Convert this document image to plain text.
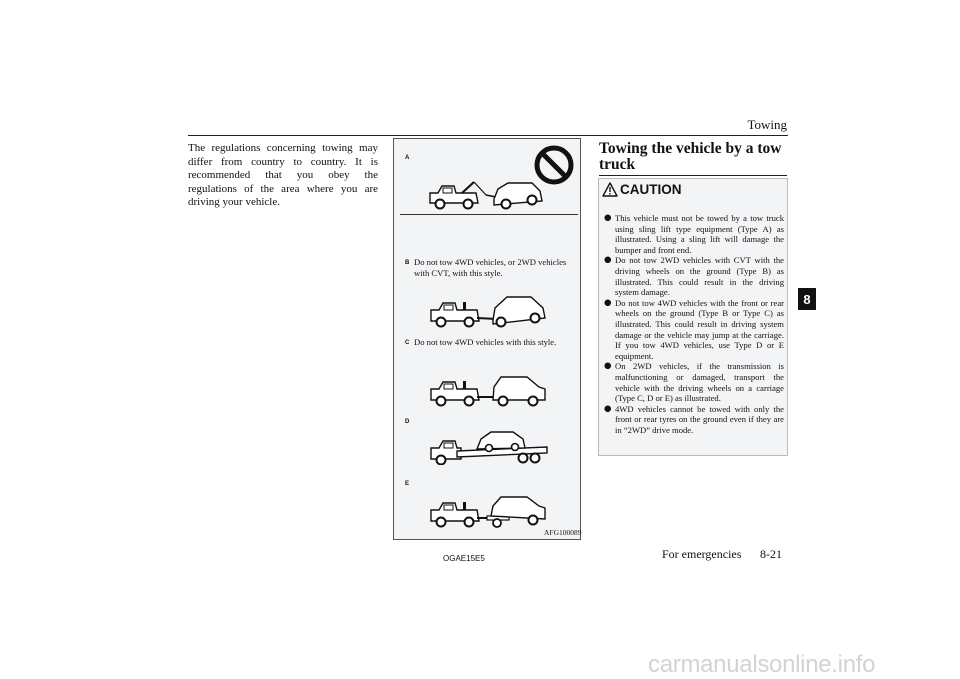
Towing
The regulations concerning towing may differ from country to country. It is recommended that you obey the regulations of the area where you are driving your vehicle.
A
B Do not tow 4WD vehicles, or 2WD vehicles with CVT, with this style.
C Do not tow 4WD vehicles with this style.
D
E
AFG100089
Towing the vehicle by a tow truck
CAUTION
● This vehicle must not be towed by a tow truck using sling lift type equipment (Type A) as illustrated. Using a sling lift will damage the bumper and front end.
● Do not tow 2WD vehicles with CVT with the driving wheels on the ground (Type B) as illustrated. This could result in the driving system damage.
● Do not tow 4WD vehicles with the front or rear wheels on the ground (Type B or Type C) as illustrated. This could result in driving system damage or the vehicle may jump at the carriage. If you tow 4WD vehicles, use Type D or E equipment.
● On 2WD vehicles, if the transmission is malfunctioning or damaged, transport the vehicle with the driving wheels on a carriage (Type C, D or E) as illustrated.
● 4WD vehicles cannot be towed with only the front or rear tyres on the ground even if they are in “2WD” drive mode.
8
OGAE15E5	For emergencies 8-21
carmanualsonline.info
